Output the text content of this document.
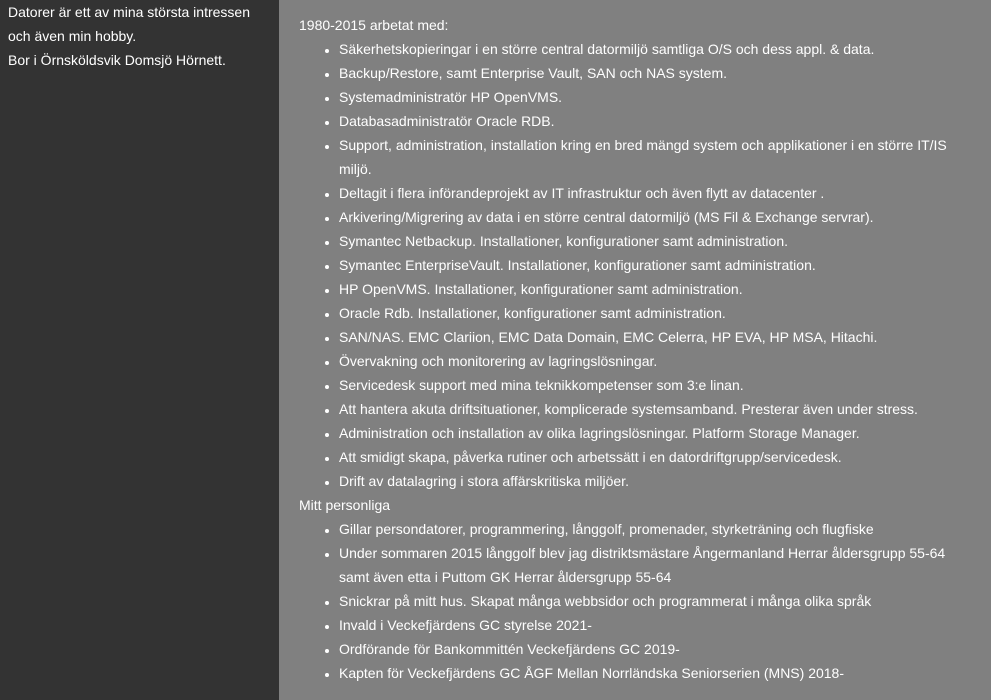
Datorer är ett av mina största intressen
och även min hobby.
Bor i Örnsköldsvik Domsjö Hörnett.
1980-2015 arbetat med:
• Säkerhetskopieringar i en större central datormiljö samtliga O/S och dess appl. & data.
• Backup/Restore, samt Enterprise Vault, SAN och NAS system.
• Systemadministratör HP OpenVMS.
• Databasadministratör Oracle RDB.
• Support, administration, installation kring en bred mängd system och applikationer i en större IT/IS miljö.
• Deltagit i flera införandeprojekt av IT infrastruktur och även flytt av datacenter .
• Arkivering/Migrering av data i en större central datormiljö (MS Fil & Exchange servrar).
• Symantec Netbackup. Installationer, konfigurationer samt administration.
• Symantec EnterpriseVault. Installationer, konfigurationer samt administration.
• HP OpenVMS. Installationer, konfigurationer samt administration.
• Oracle Rdb. Installationer, konfigurationer samt administration.
• SAN/NAS. EMC Clariion, EMC Data Domain, EMC Celerra, HP EVA, HP MSA, Hitachi.
• Övervakning och monitorering av lagringslösningar.
• Servicedesk support med mina teknikkompetenser som 3:e linan.
• Att hantera akuta driftsituationer, komplicerade systemsamband. Presterar även under stress.
• Administration och installation av olika lagringslösningar. Platform Storage Manager.
• Att smidigt skapa, påverka rutiner och arbetssätt i en datordriftgrupp/servicedesk.
• Drift av datalagring i stora affärskritiska miljöer.
Mitt personliga
• Gillar persondatorer, programmering, långgolf, promenader, styrketräning och flugfiske
• Under sommaren 2015 långgolf blev jag distriktsmästare Ångermanland Herrar åldersgrupp 55-64 samt även etta i Puttom GK Herrar åldersgrupp 55-64
• Snickrar på mitt hus. Skapat många webbsidor och programmerat i många olika språk
• Invald i Veckefjärdens GC styrelse 2021-
• Ordförande för Bankommittén Veckefjärdens GC 2019-
• Kapten för Veckefjärdens GC ÅGF Mellan Norrländska Seniorserien (MNS) 2018-
